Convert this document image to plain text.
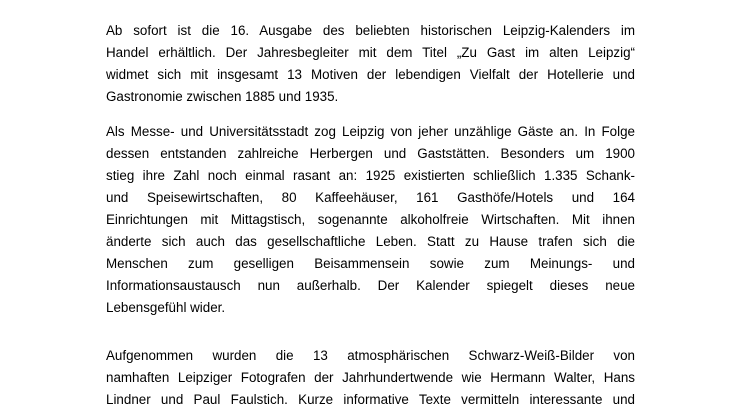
Ab sofort ist die 16. Ausgabe des beliebten historischen Leipzig-Kalenders im
Handel erhältlich. Der Jahresbegleiter mit dem Titel „Zu Gast im alten Leipzig“
widmet sich mit insgesamt 13 Motiven der lebendigen Vielfalt der Hotellerie und
Gastronomie zwischen 1885 und 1935.
Als Messe- und Universitätsstadt zog Leipzig von jeher unzählige Gäste an. In Folge
dessen entstanden zahlreiche Herbergen und Gaststätten. Besonders um 1900
stieg ihre Zahl noch einmal rasant an: 1925 existierten schließlich 1.335 Schank-
und Speisewirtschaften, 80 Kaffeehäuser, 161 Gasthöfe/Hotels und 164
Einrichtungen mit Mittagstisch, sogenannte alkoholfreie Wirtschaften. Mit ihnen
änderte sich auch das gesellschaftliche Leben. Statt zu Hause trafen sich die
Menschen zum geselligen Beisammensein sowie zum Meinungs- und
Informationsaustausch nun außerhalb. Der Kalender spiegelt dieses neue
Lebensgefühl wider.
Aufgenommen wurden die 13 atmosphärischen Schwarz-Weiß-Bilder von
namhaften Leipziger Fotografen der Jahrhundertwende wie Hermann Walter, Hans
Lindner und Paul Faulstich. Kurze informative Texte vermitteln interessante und
